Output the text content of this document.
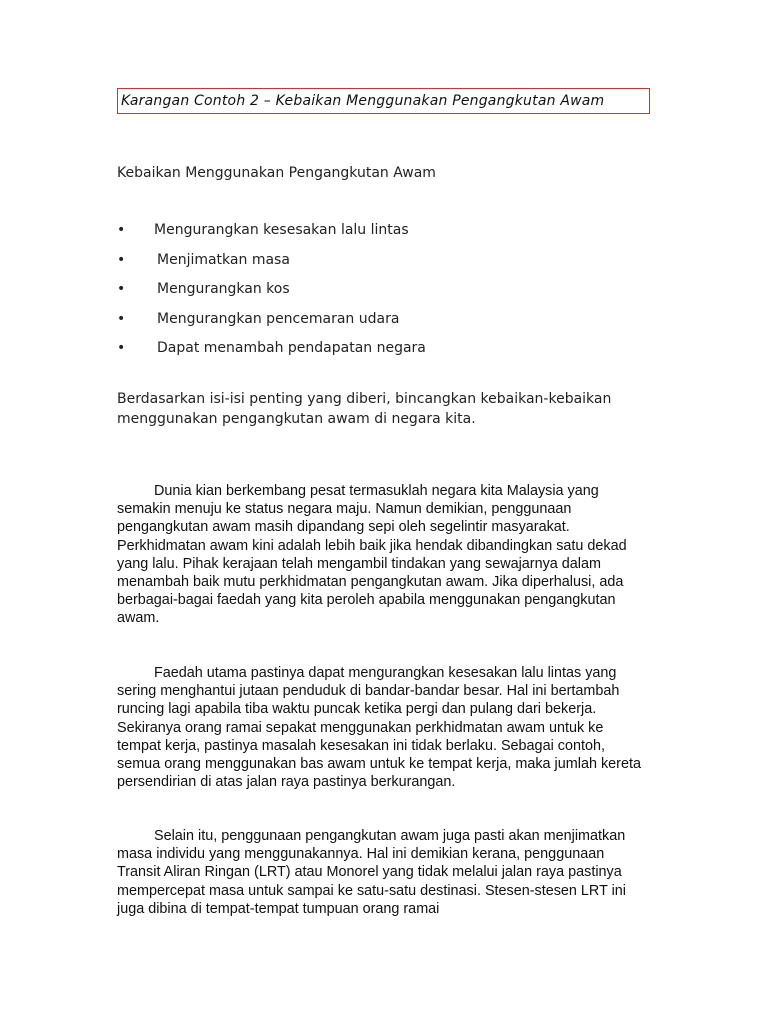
Karangan Contoh 2 – Kebaikan Menggunakan Pengangkutan Awam
Kebaikan Menggunakan Pengangkutan Awam
• Mengurangkan kesesakan lalu lintas
• Menjimatkan masa
• Mengurangkan kos
• Mengurangkan pencemaran udara
• Dapat menambah pendapatan negara
Berdasarkan isi-isi penting yang diberi, bincangkan kebaikan-kebaikan menggunakan pengangkutan awam di negara kita.

Dunia kian berkembang pesat termasuklah negara kita Malaysia yang semakin menuju ke status negara maju. Namun demikian, penggunaan pengangkutan awam masih dipandang sepi oleh segelintir masyarakat. Perkhidmatan awam kini adalah lebih baik jika hendak dibandingkan satu dekad yang lalu. Pihak kerajaan telah mengambil tindakan yang sewajarnya dalam menambah baik mutu perkhidmatan pengangkutan awam. Jika diperhalusi, ada berbagai-bagai faedah yang kita peroleh apabila menggunakan pengangkutan awam.

Faedah utama pastinya dapat mengurangkan kesesakan lalu lintas yang sering menghantui jutaan penduduk di bandar-bandar besar. Hal ini bertambah runcing lagi apabila tiba waktu puncak ketika pergi dan pulang dari bekerja. Sekiranya orang ramai sepakat menggunakan perkhidmatan awam untuk ke tempat kerja, pastinya masalah kesesakan ini tidak berlaku. Sebagai contoh, semua orang menggunakan bas awam untuk ke tempat kerja, maka jumlah kereta persendirian di atas jalan raya pastinya berkurangan.

Selain itu, penggunaan pengangkutan awam juga pasti akan menjimatkan masa individu yang menggunakannya. Hal ini demikian kerana, penggunaan Transit Aliran Ringan (LRT) atau Monorel yang tidak melalui jalan raya pastinya mempercepat masa untuk sampai ke satu-satu destinasi. Stesen-stesen LRT ini juga dibina di tempat-tempat tumpuan orang ramai
